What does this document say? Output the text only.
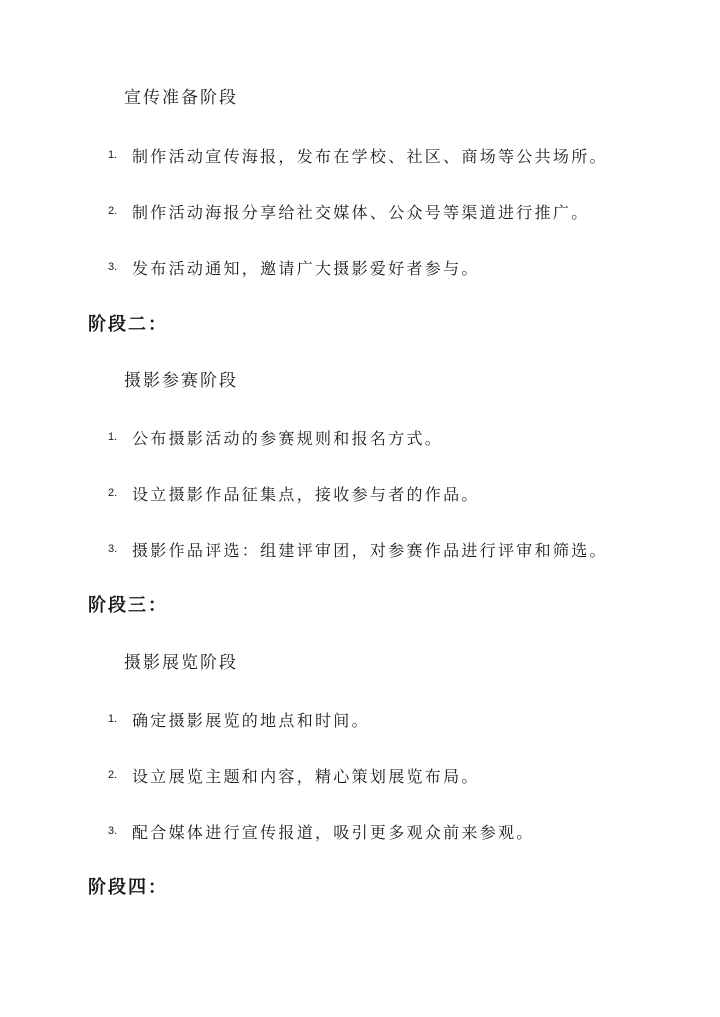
宣传准备阶段
1. 制作活动宣传海报，发布在学校、社区、商场等公共场所。
2. 制作活动海报分享给社交媒体、公众号等渠道进行推广。
3. 发布活动通知，邀请广大摄影爱好者参与。
阶段二：
摄影参赛阶段
1. 公布摄影活动的参赛规则和报名方式。
2. 设立摄影作品征集点，接收参与者的作品。
3. 摄影作品评选：组建评审团，对参赛作品进行评审和筛选。
阶段三：
摄影展览阶段
1. 确定摄影展览的地点和时间。
2. 设立展览主题和内容，精心策划展览布局。
3. 配合媒体进行宣传报道，吸引更多观众前来参观。
阶段四：
